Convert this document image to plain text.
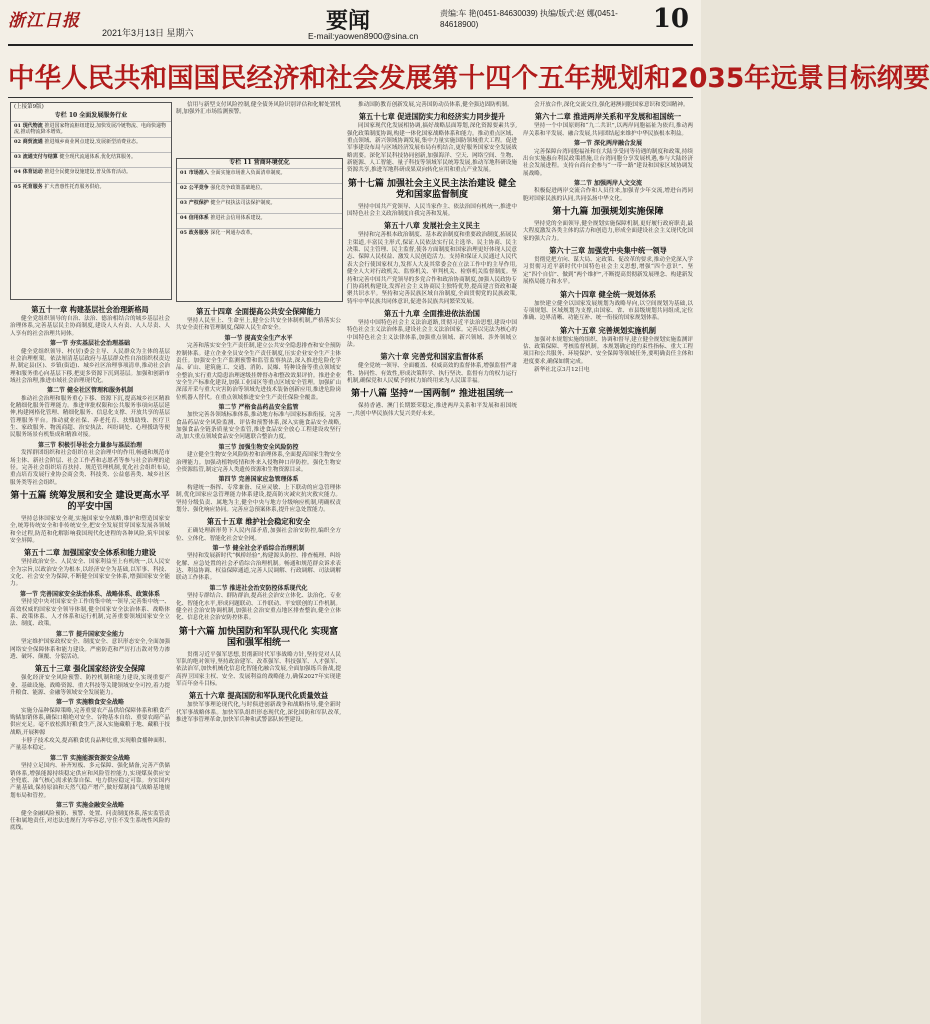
浙江日报
2021年3月13日 星期六	要闻
E-mail:yaowen8900@sina.cn
责编:车 艳(0451-84630039) 执编/版式:赵 娜(0451-84618900)	10
中华人民共和国国民经济和社会发展第十四个五年规划和2035年远景目标纲要
(上接第9版)
专栏 10 全面发展服务行业
01 现代物流 推进国家物流枢纽建设,加快发展冷链物流、电商快递物流,推动物流降本增效。
02 商贸流通 推进城乡商业网点建设,发展新型消费业态。
03 流通支付与结算 健全现代流通体系,优化结算服务。
04 体育运动 推进全民健身设施建设,普及体育活动。
05 托育服务 扩大普惠性托育服务供给。
第五十一章 构建基层社会治理新格局

健全党组织领导的自治、法治、德治相结合的城乡基层社会治理体系,完善基层民主协商制度,建设人人有责、人人尽责、人人享有的社会治理共同体。

第一节 夯实基层社会治理基础

健全党组织领导、村(居)委会主导、人民群众为主体的基层社会治理框架。依法厘清基层政府与基层群众性自治组织权责边界,制定县(区)、乡镇(街道)、城乡社区治理事项清单,推动社会治理和服务重心向基层下移,把更多资源下沉到基层。加强和创新市域社会治理,推进市域社会治理现代化。

第二节 健全社区管理和服务机制

推动社会治理和服务重心下移、资源下沉,提高城乡社区精准化精细化服务管理能力。推进审批权限和公共服务事项向基层延伸,构建网格化管理、精细化服务、信息化支撑、开放共享的基层管理服务平台。推动就业社保、养老托育、扶残助残、医疗卫生、家政服务、物流商超、治安执法、纠纷调处、心理援助等便民服务场景有机集成和精准对接。

第三节 积极引导社会力量参与基层治理

发挥群团组织和社会组织在社会治理中的作用,畅通和规范市场主体、新社会阶层、社会工作者和志愿者等参与社会治理的途径。完善社会组织培育扶持、规范管理机制,优化社会组织布局,重点培育发展行业协会商会类、科技类、公益慈善类、城乡社区服务类等社会组织。

第十五篇 统筹发展和安全 建设更高水平的平安中国

坚持总体国家安全观,实施国家安全战略,维护和塑造国家安全,统筹传统安全和非传统安全,把安全发展贯穿国家发展各领域和全过程,防范和化解影响我国现代化进程的各种风险,筑牢国家安全屏障。

第五十二章 加强国家安全体系和能力建设

坚持政治安全、人民安全、国家利益至上有机统一,以人民安全为宗旨,以政治安全为根本,以经济安全为基础,以军事、科技、文化、社会安全为保障,不断健全国家安全体系,增强国家安全能力。

第一节 完善国家安全法治体系、战略体系、政策体系

坚持党中央对国家安全工作的集中统一领导,完善集中统一、高效权威的国家安全领导体制,健全国家安全法治体系、战略体系、政策体系、人才体系和运行机制,完善重要领域国家安全立法、制度、政策。

第二节 提升国家安全能力

坚定维护国家政权安全、制度安全、意识形态安全,全面加强网络安全保障体系和能力建设。严密防范和严厉打击敌对势力渗透、破坏、颠覆、分裂活动。

第五十三章 强化国家经济安全保障

强化经济安全风险预警、防控机制和能力建设,实现重要产业、基础设施、战略资源、重大科技等关键领域安全可控,着力提升粮食、能源、金融等领域安全发展能力。

第一节 实施粮食安全战略

实施分品种保障策略,完善重要农产品供给保障体系和粮食产购储加销体系,确保口粮绝对安全、谷物基本自给、重要农副产品供应充足。毫不放松抓好粮食生产,深入实施藏粮于地、藏粮于技战略,开展种源

卡脖子技术攻关,提高粮食优良品种比重,实现粮食播种面积、产量基本稳定。

第二节 实施能源资源安全战略

坚持立足国内、补齐短板、多元保障、强化储备,完善产供储销体系,增强能源持续稳定供应和风险管控能力,实现煤炭供应安全兜底、油气核心需求依靠自保、电力供应稳定可靠。夯实国内产量基础,保持原油和天然气稳产增产,做好煤制油气战略基地规划布局和管控。

第三节 实施金融安全战略

健全金融风险预防、预警、处置、问责制度体系,落实监管责任和属地责任,对违法违规行为零容忍,守住不发生系统性风险的底线。

信用与新型支付风险控制,健全债务风险识别评估和化解处置机制,加强外汇市场监测预警。

专栏 11 营商环境优化
01 市场准入 全面实施市场准入负面清单制度。
02 公平竞争 强化竞争政策基础地位。
03 产权保护 健全产权执法司法保护制度。
04 信用体系 推进社会信用体系建设。
05 政务服务 深化一网通办改革。
第五十四章 全面提高公共安全保障能力

坚持人民至上、生命至上,健全公共安全体制机制,严格落实公共安全责任和管理制度,保障人民生命安全。

第一节 提高安全生产水平

完善和落实安全生产责任制,建立公共安全隐患排查和安全预防控制体系。建立企业全员安全生产责任制度,压实企业安全生产主体责任。加强安全生产监测预警和监管监察执法,深入推进危险化学品、矿山、建筑施工、交通、消防、民爆、特种设备等重点领域安全整治,实行重大隐患治理逐级挂牌督办和整改效果评价。推进企业安全生产标准化建设,加强工业园区等重点区域安全管理。加强矿山深部开采与重大灾害防治等领域先进技术装备创新应用,推进危险岗位机器人替代。在重点领域推进安全生产责任保险全覆盖。

第二节 严格食品药品安全监管

加快完善各领域标准体系,推动地方标准与国家标准衔接。完善食品药品安全风险监测、评估和预警体系,深入实施食品安全战略,加强食品全链条质量安全监管,推进食品安全放心工程建设攻坚行动,加大重点领域食品安全问题联合整治力度。

第三节 加强生物安全风险防控

建立健全生物安全风险防控和治理体系,全面提高国家生物安全治理能力。加强动植物疫情和外来入侵物种口岸防控。强化生物安全资源监管,制定完善人类遗传资源和生物资源目录。

第四节 完善国家应急管理体系

构建统一指挥、专常兼备、反应灵敏、上下联动的应急管理体制,优化国家应急管理能力体系建设,提高防灾减灾抗灾救灾能力。坚持分级负责、属地为主,健全中央与地方分级响应机制,明确权责划分、强化响应协同。完善应急预案体系,提升应急处置能力。

第五十五章 维护社会稳定和安全

正确处理新形势下人民内部矛盾,加强社会治安防控,编织全方位、立体化、智能化社会安全网。

第一节 健全社会矛盾综合治理机制

坚持和发展新时代“枫桥经验”,构建源头防控、排查梳理、纠纷化解、应急处置的社会矛盾综合治理机制。畅通和规范群众诉求表达、利益协调、权益保障通道,完善人民调解、行政调解、司法调解联动工作体系。

第二节 推进社会治安防控体系现代化

坚持专群结合、群防群治,提高社会治安立体化、法治化、专业化、智能化水平,形成问题联动、工作联动、平安联创的工作机制。健全社会治安协调机制,加强社会治安重点地区排查整治,健全立体化、信息化社会治安防控体系。

第十六篇 加快国防和军队现代化 实现富国和强军相统一

贯彻习近平强军思想,贯彻新时代军事战略方针,坚持党对人民军队的绝对领导,坚持政治建军、改革强军、科技强军、人才强军、依法治军,加快机械化信息化智能化融合发展,全面加强练兵备战,提高捍卫国家主权、安全、发展利益的战略能力,确保2027年实现建军百年奋斗目标。

第五十六章 提高国防和军队现代化质量效益

加快军事理论现代化,与时俱进创新战争和战略指导,健全新时代军事战略体系。加快军队组织形态现代化,深化国防和军队改革,推进军事管理革命,加快军兵种和武警部队转型建设。

推动国防教育创新发展,完善国防动员体系,健全强边固防机制。

第五十七章 促进国防实力和经济实力同步提升

同国家现代化发展相协调,搞好战略层面筹划,深化资源要素共享,强化政策制度协调,构建一体化国家战略体系和能力。推动重点区域、重点领域、新兴领域协调发展,集中力量实施国防领域重大工程。促进军事建设布局与区域经济发展布局有机结合,更好服务国家安全发展战略需要。深化军民科技协同创新,加强海洋、空天、网络空间、生物、新能源、人工智能、量子科技等领域军民统筹发展,推动军地科研设施资源共享,推进军地科研成果双向转化应用和重点产业发展。

第十七篇 加强社会主义民主法治建设 健全党和国家监督制度

坚持中国共产党领导、人民当家作主、依法治国有机统一,推进中国特色社会主义政治制度自我完善和发展。

第五十八章 发展社会主义民主

坚持和完善根本政治制度、基本政治制度和重要政治制度,拓展民主渠道,丰富民主形式,保证人民依法实行民主选举、民主协商、民主决策、民主管理、民主监督,使各方面制度和国家治理更好体现人民意志、保障人民权益、激发人民创造活力。支持和保证人民通过人民代表大会行使国家权力,发挥人大及其常委会在立法工作中的主导作用,健全人大对行政机关、监察机关、审判机关、检察机关监督制度。坚持和完善中国共产党领导的多党合作和政治协商制度,加强人民政协专门协商机构建设,发挥社会主义协商民主独特优势,提高建言资政和凝聚共识水平。坚持和完善民族区域自治制度,全面贯彻党的民族政策,铸牢中华民族共同体意识,促进各民族共同繁荣发展。

第五十九章 全面推进依法治国

坚持中国特色社会主义法治道路,贯彻习近平法治思想,建设中国特色社会主义法治体系,建设社会主义法治国家。完善以宪法为核心的中国特色社会主义法律体系,加强重点领域、新兴领域、涉外领域立法。

第六十章 完善党和国家监督体系

健全党统一领导、全面覆盖、权威高效的监督体系,增强监督严肃性、协同性、有效性,形成决策科学、执行坚决、监督有力的权力运行机制,确保党和人民赋予的权力始终用来为人民谋幸福。

第十八篇 坚持“一国两制” 推进祖国统一

保持香港、澳门长期繁荣稳定,推进两岸关系和平发展和祖国统一,共创中华民族伟大复兴美好未来。

会开放合作,深化交流交往,强化港澳同胞国家意识和爱国精神。

第六十二章 推进两岸关系和平发展和祖国统一

坚持一个中国原则和“九二共识”,以两岸同胞福祉为依归,推动两岸关系和平发展、融合发展,共同团结起来维护中华民族根本利益。

第一节 深化两岸融合发展

完善保障台湾同胞福祉和在大陆享受同等待遇的制度和政策,持续出台实施惠台利民政策措施,让台湾同胞分享发展机遇,参与大陆经济社会发展进程。支持台商台企参与“一带一路”建设和国家区域协调发展战略。

第二节 加强两岸人文交流

积极促进两岸交流合作和人员往来,加强青少年交流,增进台湾同胞对国家民族的认同,共同弘扬中华文化。

第十九篇 加强规划实施保障

坚持党的全面领导,健全规划实施保障机制,更好履行政府职责,最大程度激发各类主体的活力和创造力,形成全面建设社会主义现代化国家的强大合力。

第六十三章 加强党中央集中统一领导

贯彻党把方向、谋大局、定政策、促改革的要求,推动全党深入学习贯彻习近平新时代中国特色社会主义思想,增强“四个意识”、坚定“四个自信”、做到“两个维护”,不断提高贯彻新发展理念、构建新发展格局能力和水平。

第六十四章 健全统一规划体系

加快建立健全以国家发展规划为战略导向,以空间规划为基础,以专项规划、区域规划为支撑,由国家、省、市县级规划共同组成,定位准确、边界清晰、功能互补、统一衔接的国家规划体系。

第六十五章 完善规划实施机制

加强对本规划实施的组织、协调和督导,建立健全规划实施监测评估、政策保障、考核监督机制。本规划确定的约束性指标、重大工程项目和公共服务、环境保护、安全保障等领域任务,要明确责任主体和进度要求,确保如期完成。

新华社北京3月12日电
